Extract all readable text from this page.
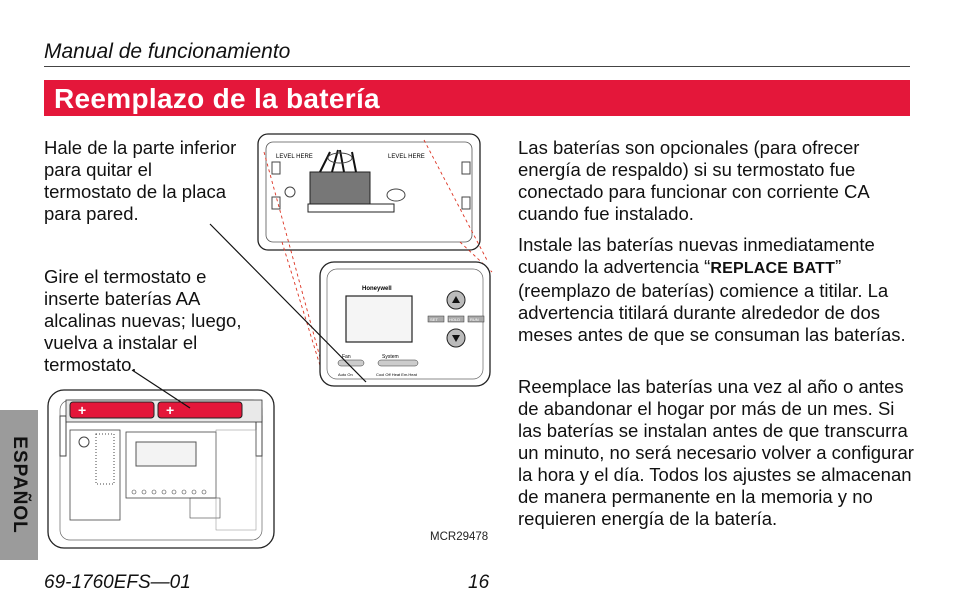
Manual de funcionamiento
Reemplazo de la batería
Hale de la parte inferior para quitar el termostato de la placa para pared.
Gire el termostato e inserte baterías AA alcalinas nuevas; luego, vuelva a instalar el termostato.
Las baterías son opcionales (para ofrecer energía de respaldo) si su termostato fue conectado para funcionar con corriente CA cuando fue instalado.
Instale las baterías nuevas inmediatamente cuando la advertencia “REPLACE BATT” (reemplazo de baterías) comience a titilar. La advertencia titilará durante alrededor de dos meses antes de que se consuman las baterías.
Reemplace las baterías una vez al año o antes de abandonar el hogar por más de un mes. Si las baterías se instalan antes de que transcurra un minuto, no será necesario volver a configurar la hora y el día. Todos los ajustes se almacenan de manera permanente en la memoria y no requieren energía de la batería.
LEVEL HERE	LEVEL HERE
Honeywell
SET	HOLD RUN
Fan
Auto On
System
Cool Off Heat Em.Heat
+	+
MCR29478
ESPAÑOL
69-1760EFS—01	16
